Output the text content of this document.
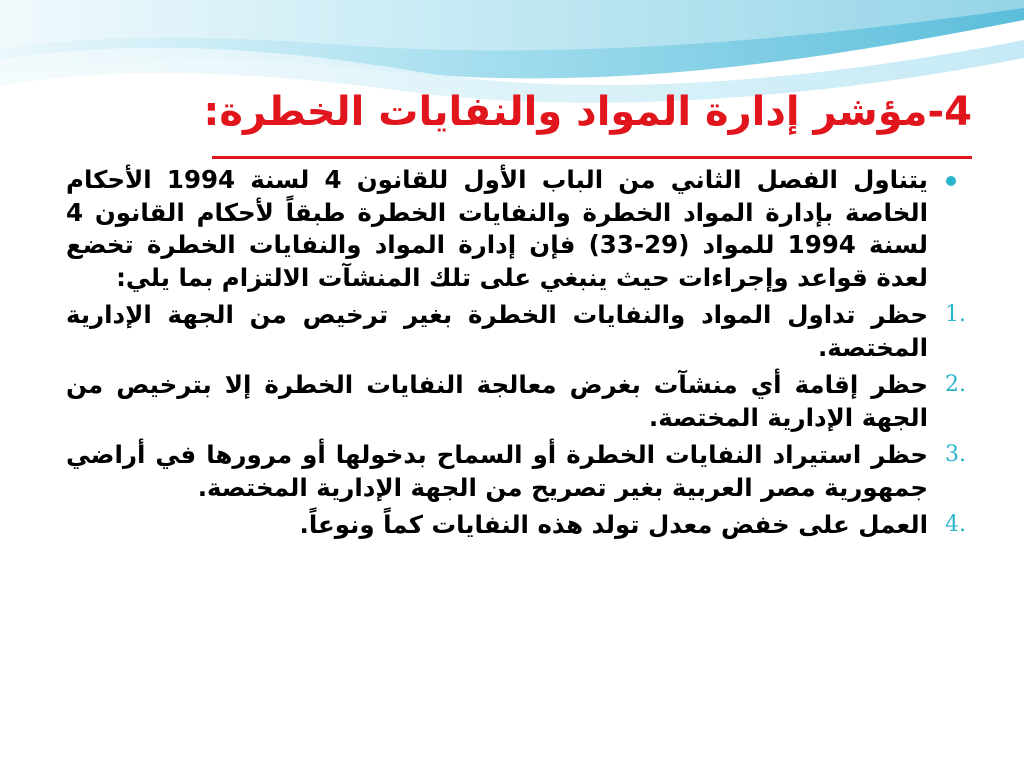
4-مؤشر إدارة المواد والنفايات الخطرة:

يتناول الفصل الثاني من الباب الأول للقانون 4 لسنة 1994 الأحكام الخاصة بإدارة المواد الخطرة والنفايات الخطرة طبقاً لأحكام القانون 4 لسنة 1994 للمواد (29-33) فإن إدارة المواد والنفايات الخطرة تخضع لعدة قواعد وإجراءات حيث ينبغي على تلك المنشآت الالتزام بما يلي:

1.
حظر تداول المواد والنفايات الخطرة بغير ترخيص من الجهة الإدارية المختصة.

2.
حظر إقامة أي منشآت بغرض معالجة النفايات الخطرة إلا بترخيص من الجهة الإدارية المختصة.

3.
حظر استيراد النفايات الخطرة أو السماح بدخولها أو مرورها في أراضي جمهورية مصر العربية بغير تصريح من الجهة الإدارية المختصة.

4.
العمل على خفض معدل تولد هذه النفايات كماً ونوعاً.
